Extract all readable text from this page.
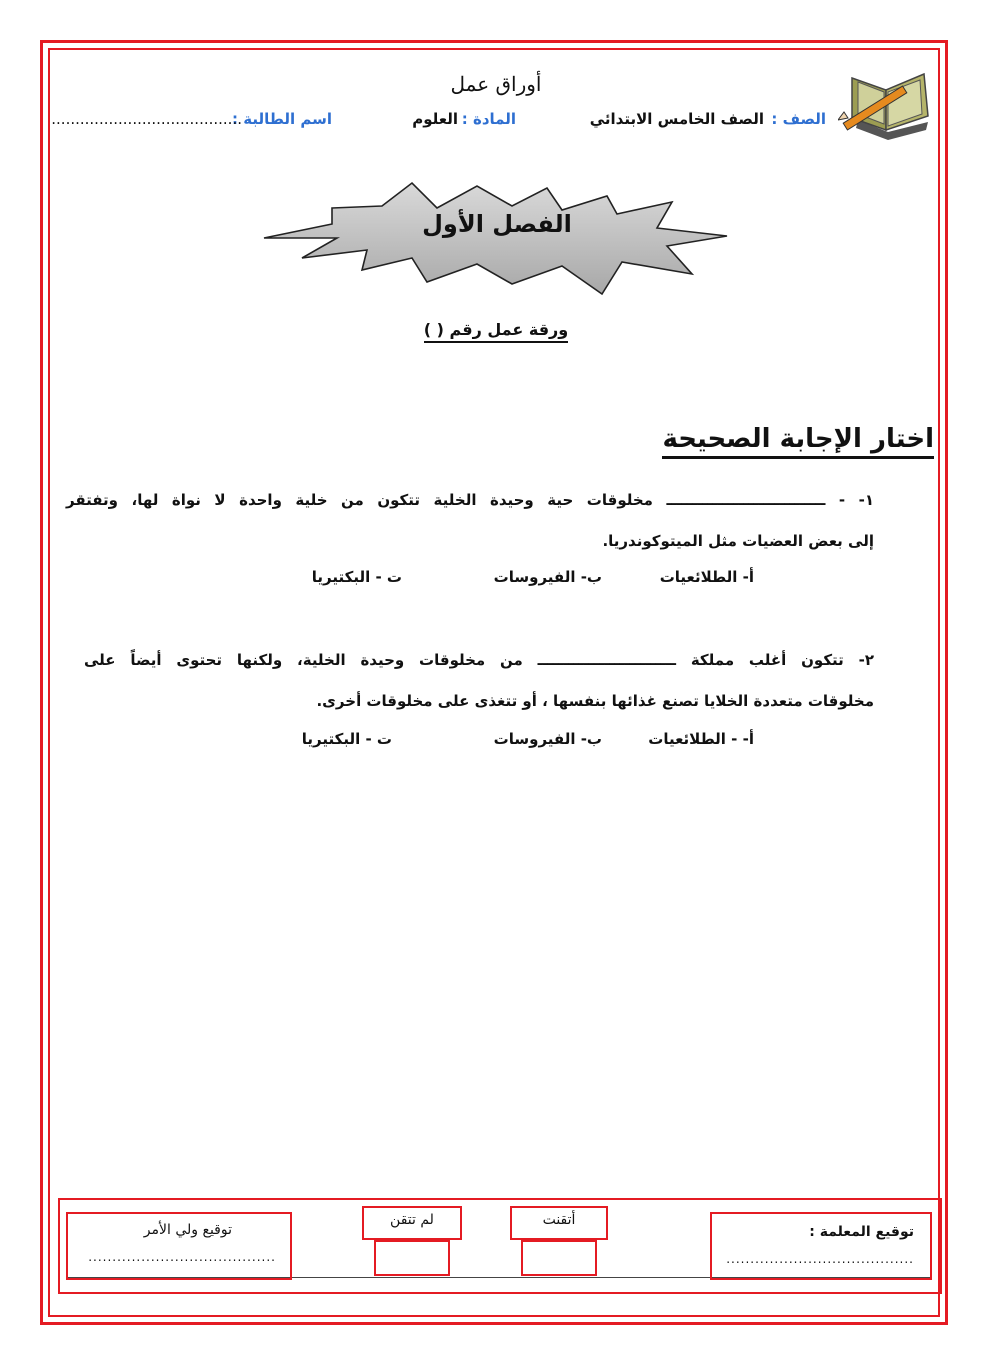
أوراق عمل
الصف :
الصف الخامس الابتدائي
المادة :
العلوم
اسم الطالبة :
........................................
الفصل الأول
ورقة عمل رقم ( )
اختار الإجابة الصحيحة
١- - ـــــــــــــــــــــــــــــــ مخلوقات حية وحيدة الخلية تتكون من خلية واحدة لا نواة لها، وتفتقر
إلى بعض العضيات مثل الميتوكوندريا.
أ- الطلائعيات
ب- الفيروسات
ت - البكتيريا
٢- تتكون أغلب مملكة ـــــــــــــــــــــــــــ من مخلوقات وحيدة الخلية، ولكنها تحتوى أيضاً على
مخلوقات متعددة الخلايا تصنع غذائها بنفسها ، أو تتغذى على مخلوقات أخرى.
أ- - الطلائعيات
ب- الفيروسات
ت - البكتيريا
توقيع المعلمة :
.......................................
أتقنت
لم تتقن
توقيع ولي الأمر
.......................................
